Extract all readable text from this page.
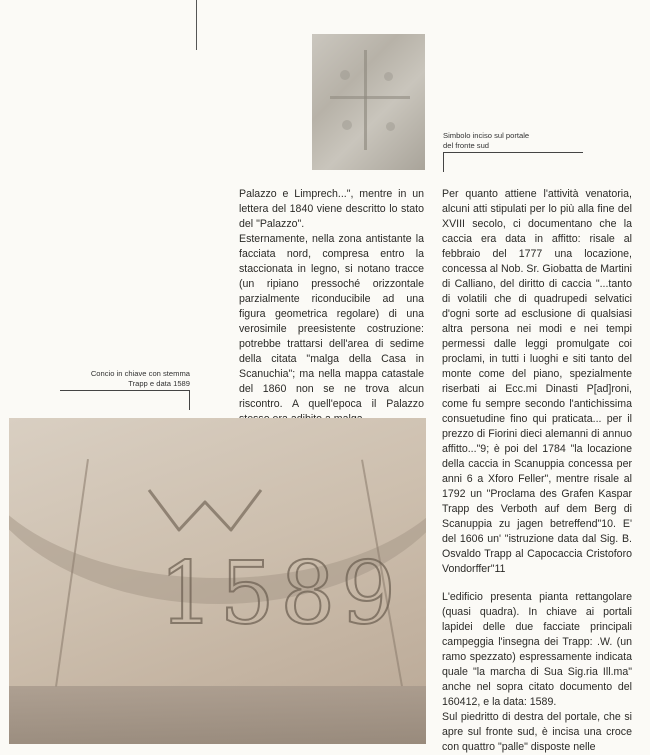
Simbolo inciso sul portale
del fronte sud

Palazzo e Limprech...", mentre in un lettera del 1840 viene descritto lo stato del "Palazzo".

Esternamente, nella zona antistante la facciata nord, compresa entro la staccionata in legno, si notano tracce (un ripiano pressoché orizzontale parzialmente riconducibile ad una figura geometrica regolare) di una verosimile preesistente costruzione: potrebbe trattarsi dell'area di sedime della citata "malga della Casa in Scanuchia"; ma nella mappa catastale del 1860 non se ne trova alcun riscontro. A quell'epoca il Palazzo

Per quanto attiene l'attività venatoria, alcuni atti stipulati per lo più alla fine del XVIII secolo, ci documentano che la caccia era data in affitto: risale al febbraio del 1777 una locazione, concessa al Nob. Sr. Giobatta de Martini di Calliano, del diritto di caccia "...tanto di volatili che di quadrupedi selvatici d'ogni sorte ad esclusione di qualsiasi altra persona nei modi e nei tempi permessi dalle leggi promulgate coi proclami, in tutti i luoghi e siti tanto del monte come del piano, spezialmente riserbati ai Ecc.mi Dinasti P[ad]roni, come fu sempre secondo l'antichissima consuetudine fino qui praticata... per il prezzo di Fiorini dieci alemanni di annuo affitto..."9; è poi del 1784 "la locazione della caccia in Scanuppia concessa per anni 6 a Xforo Feller", mentre risale al 1792 un "Proclama des Grafen Kaspar Trapp des Verboth auf dem Berg di Scanuppia zu jagen betreffend"10. E' del 1606 un' "istruzione data dal Sig. B. Osvaldo Trapp al Capocaccia Cristoforo Vondorffer"11

L'edificio presenta pianta rettangolare (quasi quadra). In chiave ai portali lapidei delle due facciate principali campeggia l'insegna dei Trapp: .W. (un ramo spezzato) espressamente indicata quale "la marcha di Sua Sig.ria Ill.ma" anche nel sopra citato documento del 160412, e la data: 1589.

Sul piedritto di destra del portale, che si apre sul fronte sud, è incisa una croce con quattro "palle" disposte nelle

Concio in chiave con stemma
Trapp e data 1589
1589
